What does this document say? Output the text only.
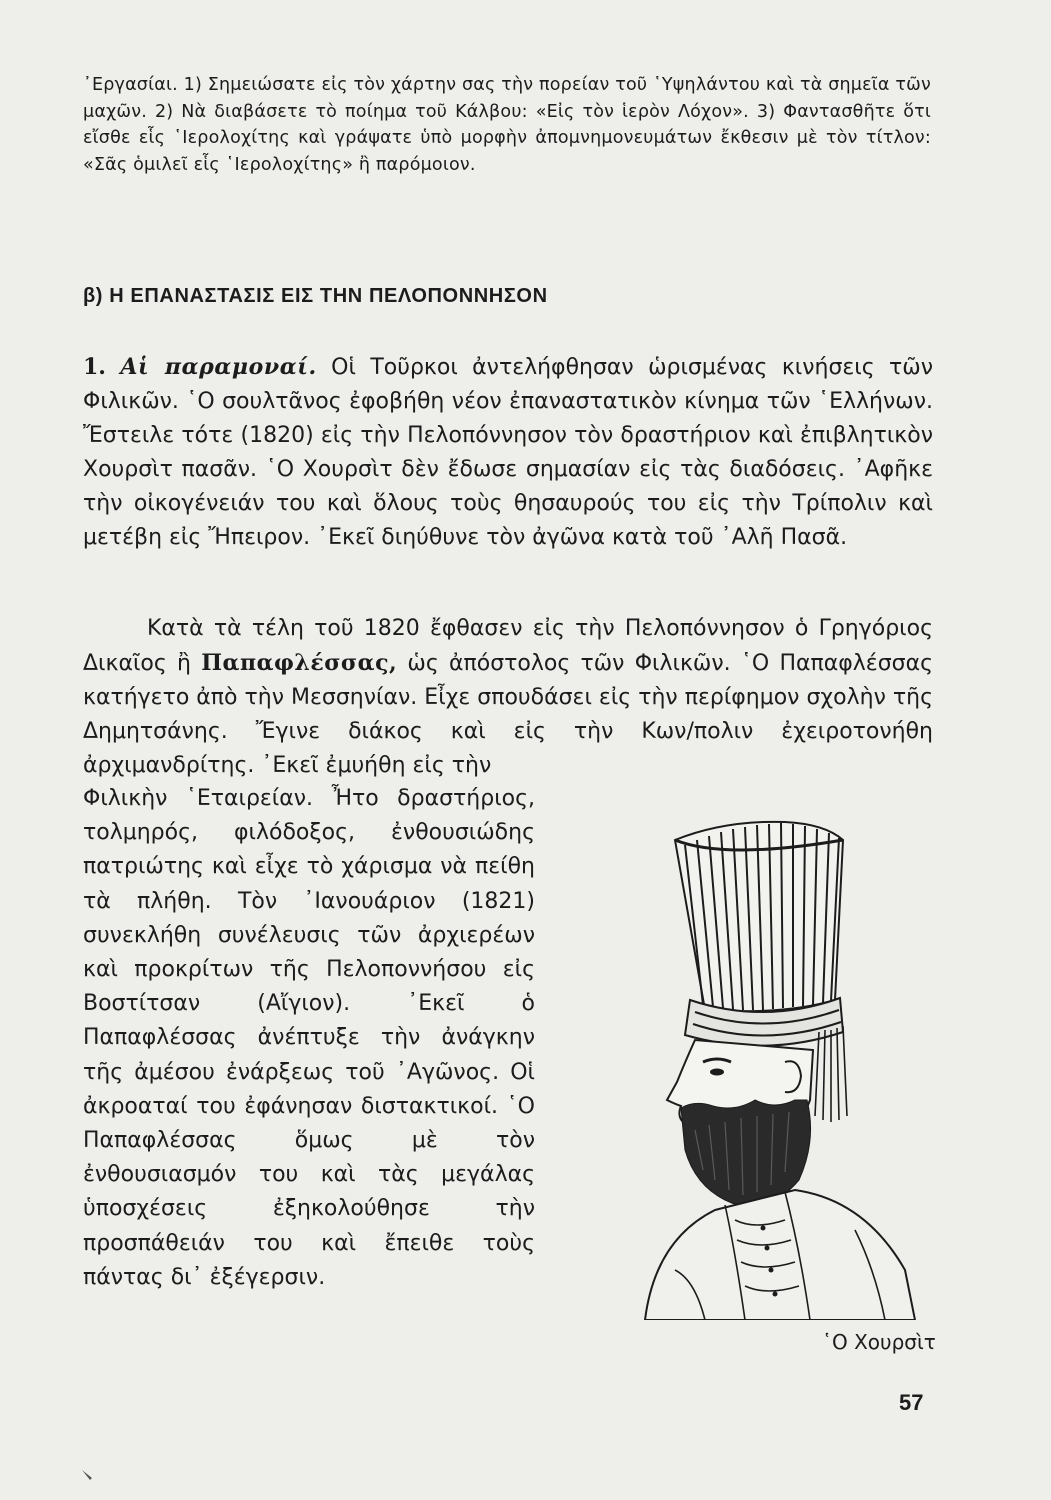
᾿Εργασίαι. 1) Σημειώσατε εἰς τὸν χάρτην σας τὴν πορείαν τοῦ ῾Υψηλάντου καὶ τὰ σημεῖα τῶν μαχῶν. 2) Νὰ διαβάσετε τὸ ποίημα τοῦ Κάλβου: «Εἰς τὸν ἱερὸν Λόχον». 3) Φαντασθῆτε ὅτι εἴσθε εἷς ῾Ιερολοχίτης καὶ γράψατε ὑπὸ μορφὴν ἀπομνημονευμάτων ἔκθεσιν μὲ τὸν τίτλον: «Σᾶς ὁμιλεῖ εἷς ῾Ιερολοχίτης» ἢ παρόμοιον.

β) Η ΕΠΑΝΑΣΤΑΣΙΣ ΕΙΣ ΤΗΝ ΠΕΛΟΠΟΝΝΗΣΟΝ

1. Αἱ παραμοναί. Οἱ Τοῦρκοι ἀντελήφθησαν ὡρισμένας κινήσεις τῶν Φιλικῶν. ῾Ο σουλτᾶνος ἐφοβήθη νέον ἐπαναστατικὸν κίνημα τῶν ῾Ελλήνων. Ἔστειλε τότε (1820) εἰς τὴν Πελοπόννησον τὸν δραστήριον καὶ ἐπιβλητικὸν Χουρσὶτ πασᾶν. ῾Ο Χουρσὶτ δὲν ἔδωσε σημασίαν εἰς τὰς διαδόσεις. ᾿Αφῆκε τὴν οἰκογένειάν του καὶ ὅλους τοὺς θησαυρούς του εἰς τὴν Τρίπολιν καὶ μετέβη εἰς Ἤπειρον. ᾿Εκεῖ διηύθυνε τὸν ἀγῶνα κατὰ τοῦ ᾿Αλῆ Πασᾶ.

Κατὰ τὰ τέλη τοῦ 1820 ἔφθασεν εἰς τὴν Πελοπόννησον ὁ Γρηγόριος Δικαῖος ἢ Παπαφλέσσας, ὡς ἀπόστολος τῶν Φιλικῶν. ῾Ο Παπαφλέσσας κατήγετο ἀπὸ τὴν Μεσσηνίαν. Εἶχε σπουδάσει εἰς τὴν περίφημον σχολὴν τῆς Δημητσάνης. Ἔγινε διάκος καὶ εἰς τὴν Κων/πολιν ἐχειροτονήθη ἀρχιμανδρίτης. ᾿Εκεῖ ἐμυήθη εἰς τὴν

Φιλικὴν ῾Εταιρείαν. Ἦτο δραστήριος, τολμηρός, φιλόδοξος, ἐνθουσιώδης πατριώτης καὶ εἶχε τὸ χάρισμα νὰ πείθη τὰ πλήθη. Τὸν ᾿Ιανουάριον (1821) συνεκλήθη συνέλευσις τῶν ἀρχιερέων καὶ προκρίτων τῆς Πελοποννήσου εἰς Βοστίτσαν (Αἴγιον). ᾿Εκεῖ ὁ Παπαφλέσσας ἀνέπτυξε τὴν ἀνάγκην τῆς ἀμέσου ἐνάρξεως τοῦ ᾿Αγῶνος. Οἱ ἀκροαταί του ἐφάνησαν διστακτικοί. ῾Ο Παπαφλέσσας ὅμως μὲ τὸν ἐνθουσιασμόν του καὶ τὰς μεγάλας ὑποσχέσεις ἐξηκολούθησε τὴν προσπάθειάν του καὶ ἔπειθε τοὺς πάντας δι᾿ ἐξέγερσιν.

῾Ο Χουρσὶτ
57
